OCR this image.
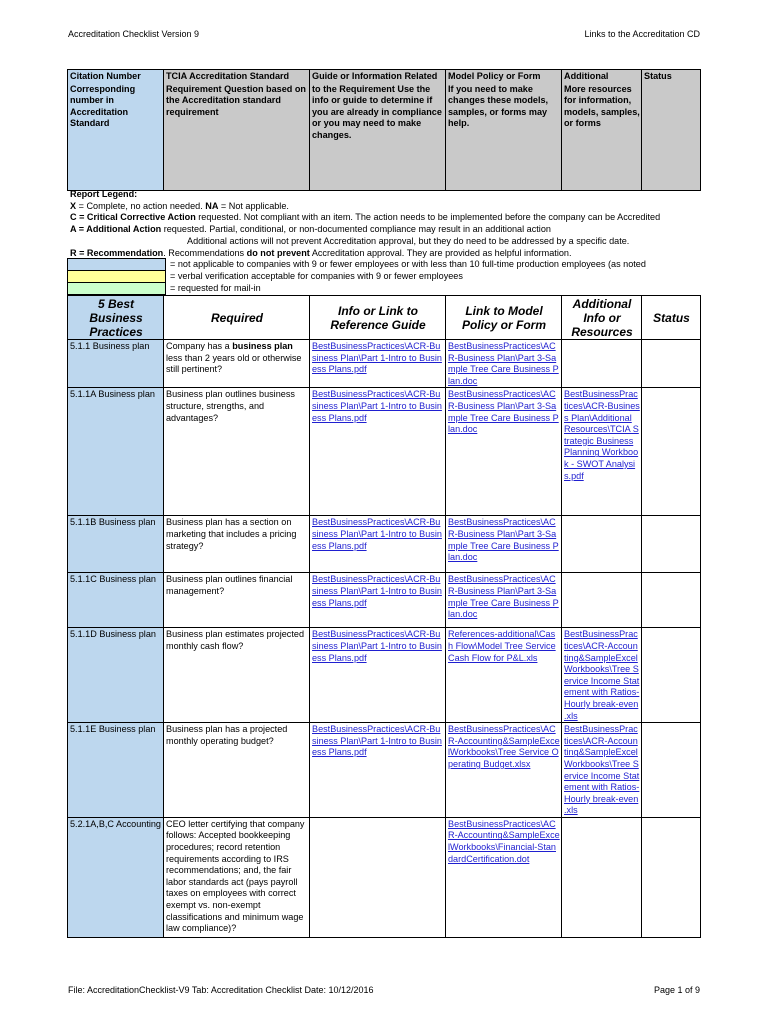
Accreditation Checklist Version 9	Links to the Accreditation CD
Citation Number	TCIA Accreditation Standard	Guide or Information Related	Model Policy or Form	Additional	Status
Corresponding number in Accreditation Standard	Requirement Question based on the Accreditation standard requirement	to the Requirement Use the info or guide to determine if you are already in compliance or you may need to make changes.	If you need to make changes these models, samples, or forms may help.	More resources for information, models, samples, or forms	
Report Legend:
X = Complete, no action needed. NA = Not applicable.
C = Critical Corrective Action requested. Not compliant with an item. The action needs to be implemented before the company can be Accredited
A = Additional Action requested. Partial, conditional, or non-documented compliance may result in an additional action
Additional actions will not prevent Accreditation approval, but they do need to be addressed by a specific date.
R = Recommendation. Recommendations do not prevent Accreditation approval. They are provided as helpful information.
= not applicable to companies with 9 or fewer employees or with less than 10 full-time production employees (as noted
= verbal verification acceptable for companies with 9 or fewer employees
= requested for mail-in
5 Best Business Practices	Required	Info or Link to Reference Guide	Link to Model Policy or Form	Additional Info or Resources	Status
5.1.1 Business plan	Company has a business plan less than 2 years old or otherwise still pertinent?	BestBusinessPractices\ACR-Business Plan\Part 1-Intro to Business Plans.pdf	BestBusinessPractices\ACR-Business Plan\Part 3-Sample Tree Care Business Plan.doc		
5.1.1A Business plan	Business plan outlines business structure, strengths, and advantages?	BestBusinessPractices\ACR-Business Plan\Part 1-Intro to Business Plans.pdf	BestBusinessPractices\ACR-Business Plan\Part 3-Sample Tree Care Business Plan.doc	BestBusinessPractices\ACR-Business Plan\Additional Resources\TCIA Strategic Business Planning Workbook - SWOT Analysis.pdf	
5.1.1B Business plan	Business plan has a section on marketing that includes a pricing strategy?	BestBusinessPractices\ACR-Business Plan\Part 1-Intro to Business Plans.pdf	BestBusinessPractices\ACR-Business Plan\Part 3-Sample Tree Care Business Plan.doc		
5.1.1C Business plan	Business plan outlines financial management?	BestBusinessPractices\ACR-Business Plan\Part 1-Intro to Business Plans.pdf	BestBusinessPractices\ACR-Business Plan\Part 3-Sample Tree Care Business Plan.doc		
5.1.1D Business plan	Business plan estimates projected monthly cash flow?	BestBusinessPractices\ACR-Business Plan\Part 1-Intro to Business Plans.pdf	References-additional\Cash Flow\Model Tree Service Cash Flow for P&L.xls	BestBusinessPractices\ACR-Accounting&SampleExcelWorkbooks\Tree Service Income Statement with Ratios-Hourly break-even .xls	
5.1.1E Business plan	Business plan has a projected monthly operating budget?	BestBusinessPractices\ACR-Business Plan\Part 1-Intro to Business Plans.pdf	BestBusinessPractices\ACR-Accounting&SampleExcelWorkbooks\Tree Service Operating Budget.xlsx	BestBusinessPractices\ACR-Accounting&SampleExcelWorkbooks\Tree Service Income Statement with Ratios-Hourly break-even .xls	
5.2.1A,B,C Accounting	CEO letter certifying that company follows: Accepted bookkeeping procedures; record retention requirements according to IRS recommendations; and, the fair labor standards act (pays payroll taxes on employees with correct exempt vs. non-exempt classifications and minimum wage law compliance)?		BestBusinessPractices\ACR-Accounting&SampleExcelWorkbooks\Financial-StandardCertification.dot		
File: AccreditationChecklist-V9 Tab: Accreditation Checklist Date: 10/12/2016	Page 1 of 9
